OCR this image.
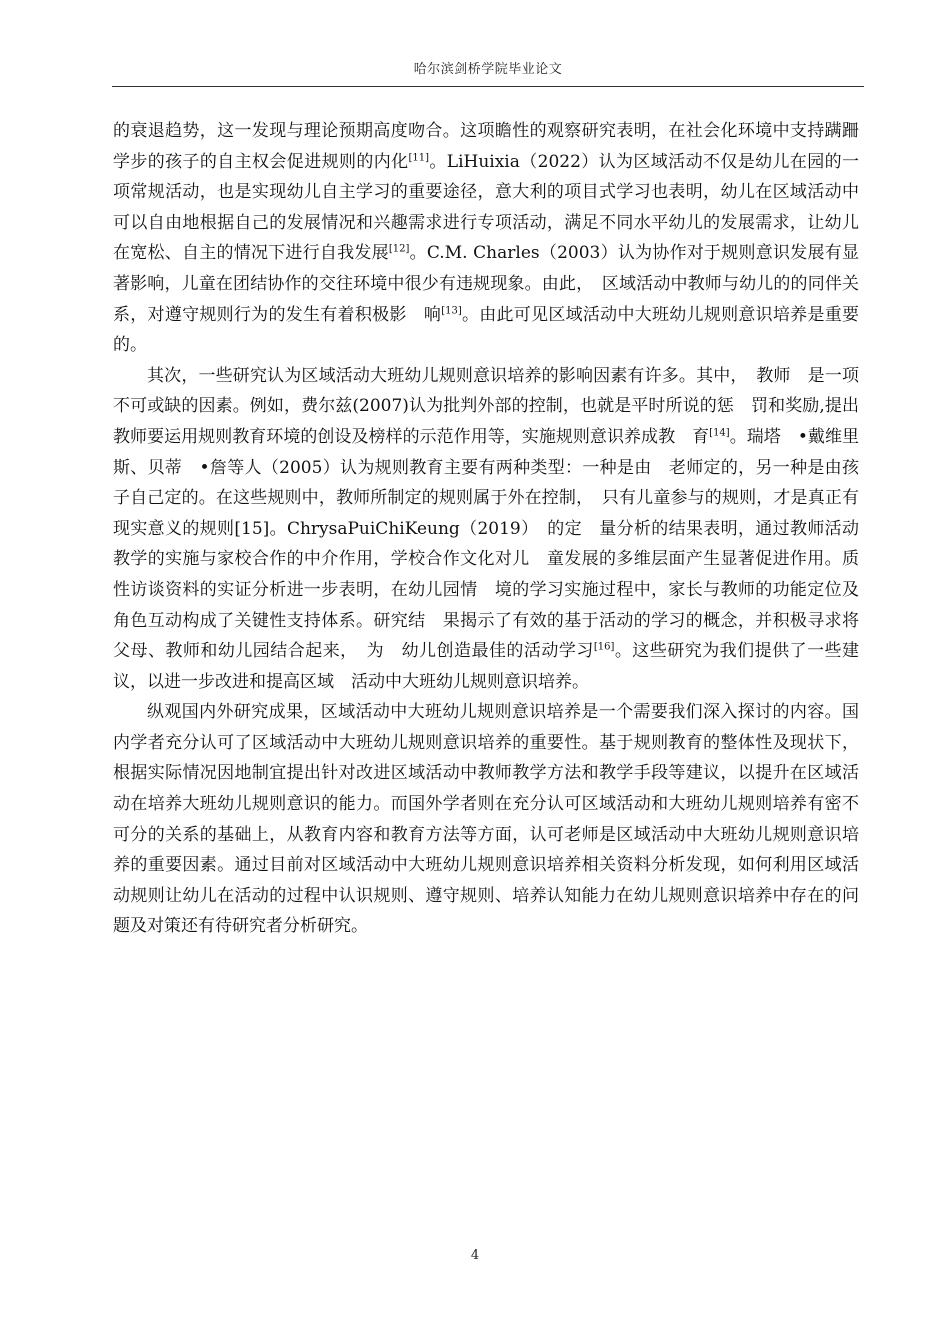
哈尔滨剑桥学院毕业论文

的衰退趋势，这一发现与理论预期高度吻合。这项瞻性的观察研究表明，在社会化环境中支持蹒跚学步的孩子的自主权会促进规则的内化[11]。LiHuixia（2022）认为区域活动不仅是幼儿在园的一项常规活动，也是实现幼儿自主学习的重要途径，意大利的项目式学习也表明，幼儿在区域活动中可以自由地根据自己的发展情况和兴趣需求进行专项活动，满足不同水平幼儿的发展需求，让幼儿在宽松、自主的情况下进行自我发展[12]。C.M. Charles（2003）认为协作对于规则意识发展有显著影响，儿童在团结协作的交往环境中很少有违规现象。由此，　区域活动中教师与幼儿的的同伴关系，对遵守规则行为的发生有着积极影　响[13]。由此可见区域活动中大班幼儿规则意识培养是重要的。

其次，一些研究认为区域活动大班幼儿规则意识培养的影响因素有许多。其中，　教师　是一项不可或缺的因素。例如，费尔兹(2007)认为批判外部的控制，也就是平时所说的惩　罚和奖励,提出教师要运用规则教育环境的创设及榜样的示范作用等，实施规则意识养成教　育[14]。瑞塔　•戴维里斯、贝蒂　•詹等人（2005）认为规则教育主要有两种类型：一种是由　老师定的，另一种是由孩子自己定的。在这些规则中，教师所制定的规则属于外在控制，　只有儿童参与的规则，才是真正有现实意义的规则[15]。ChrysaPuiChiKeung（2019）　的定　量分析的结果表明，通过教师活动教学的实施与家校合作的中介作用，学校合作文化对儿　童发展的多维层面产生显著促进作用。质性访谈资料的实证分析进一步表明，在幼儿园情　境的学习实施过程中，家长与教师的功能定位及角色互动构成了关键性支持体系。研究结　果揭示了有效的基于活动的学习的概念，并积极寻求将父母、教师和幼儿园结合起来，　为　幼儿创造最佳的活动学习[16]。这些研究为我们提供了一些建议，以进一步改进和提高区域　活动中大班幼儿规则意识培养。

纵观国内外研究成果，区域活动中大班幼儿规则意识培养是一个需要我们深入探讨的内容。国内学者充分认可了区域活动中大班幼儿规则意识培养的重要性。基于规则教育的整体性及现状下，根据实际情况因地制宜提出针对改进区域活动中教师教学方法和教学手段等建议，以提升在区域活动在培养大班幼儿规则意识的能力。而国外学者则在充分认可区域活动和大班幼儿规则培养有密不可分的关系的基础上，从教育内容和教育方法等方面，认可老师是区域活动中大班幼儿规则意识培养的重要因素。通过目前对区域活动中大班幼儿规则意识培养相关资料分析发现，如何利用区域活动规则让幼儿在活动的过程中认识规则、遵守规则、培养认知能力在幼儿规则意识培养中存在的问题及对策还有待研究者分析研究。

4
